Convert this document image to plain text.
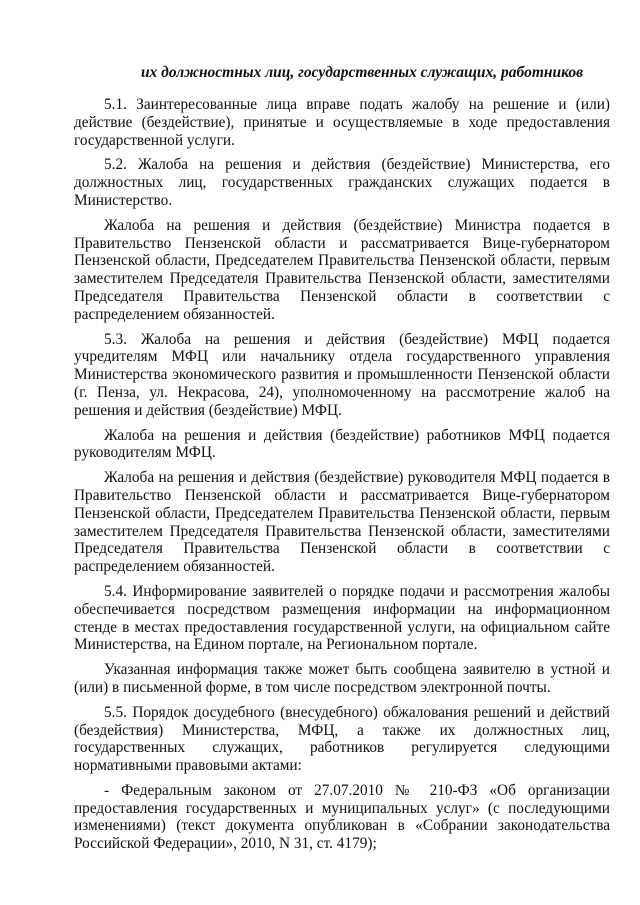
их должностных лиц, государственных служащих, работников

5.1. Заинтересованные лица вправе подать жалобу на решение и (или) действие (бездействие), принятые и осуществляемые в ходе предоставления государственной услуги.

5.2. Жалоба на решения и действия (бездействие) Министерства, его должностных лиц, государственных гражданских служащих подается в Министерство.

Жалоба на решения и действия (бездействие) Министра подается в Правительство Пензенской области и рассматривается Вице-губернатором Пензенской области, Председателем Правительства Пензенской области, первым заместителем Председателя Правительства Пензенской области, заместителями Председателя Правительства Пензенской области в соответствии с распределением обязанностей.

5.3. Жалоба на решения и действия (бездействие) МФЦ подается учредителям МФЦ или начальнику отдела государственного управления Министерства экономического развития и промышленности Пензенской области (г. Пенза, ул. Некрасова, 24), уполномоченному на рассмотрение жалоб на решения и действия (бездействие) МФЦ.

Жалоба на решения и действия (бездействие) работников МФЦ подается руководителям МФЦ.

Жалоба на решения и действия (бездействие) руководителя МФЦ подается в Правительство Пензенской области и рассматривается Вице-губернатором Пензенской области, Председателем Правительства Пензенской области, первым заместителем Председателя Правительства Пензенской области, заместителями Председателя Правительства Пензенской области в соответствии с распределением обязанностей.

5.4. Информирование заявителей о порядке подачи и рассмотрения жалобы обеспечивается посредством размещения информации на информационном стенде в местах предоставления государственной услуги, на официальном сайте Министерства, на Едином портале, на Региональном портале.

Указанная информация также может быть сообщена заявителю в устной и (или) в письменной форме, в том числе посредством электронной почты.

5.5. Порядок досудебного (внесудебного) обжалования решений и действий (бездействия) Министерства, МФЦ, а также их должностных лиц, государственных служащих, работников регулируется следующими нормативными правовыми актами:

- Федеральным законом от 27.07.2010 № 210-ФЗ «Об организации предоставления государственных и муниципальных услуг» (с последующими изменениями) (текст документа опубликован в «Собрании законодательства Российской Федерации», 2010, N 31, ст. 4179);
